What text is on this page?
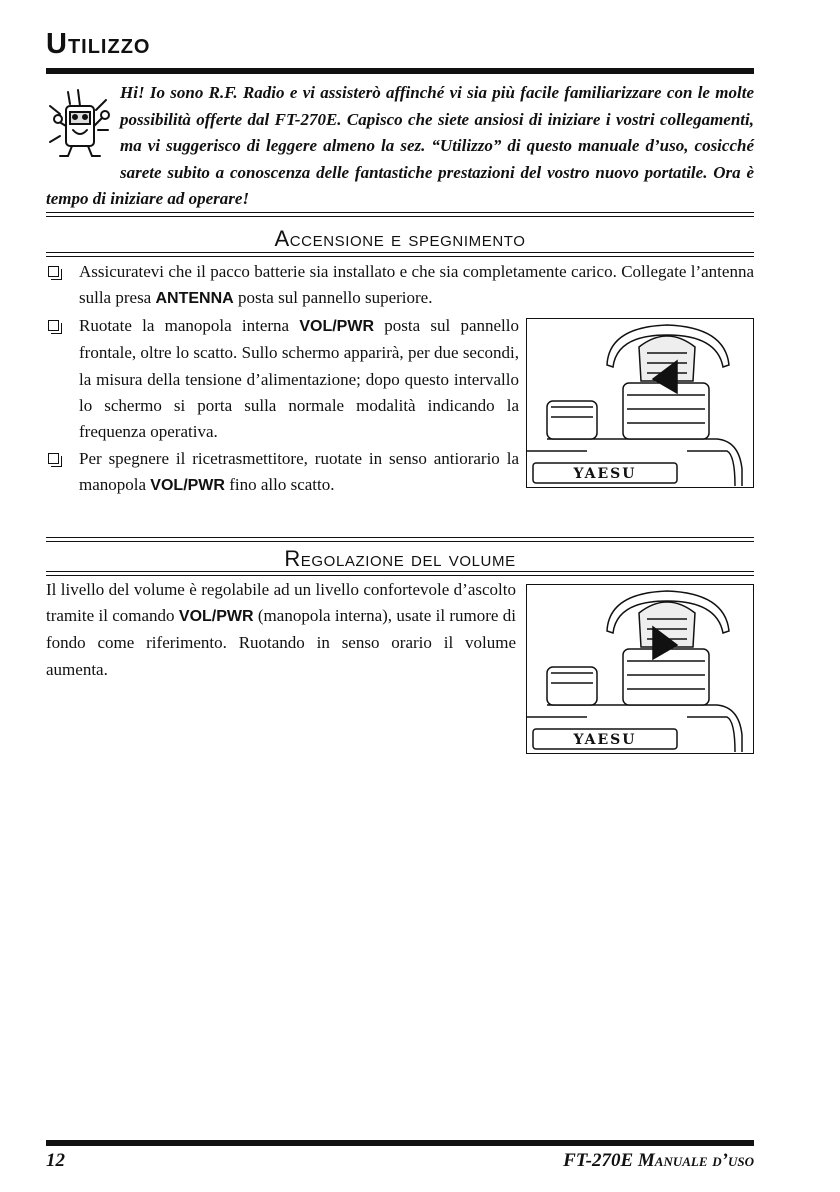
Utilizzo
Hi! Io sono R.F. Radio e vi assisterò affinché vi sia più facile familiarizzare con le molte possibilità offerte dal FT-270E. Capisco che siete ansiosi di iniziare i vostri collegamenti, ma vi suggerisco di leggere almeno la sez. “Utilizzo” di questo manuale d’uso, cosicché sarete subito a conoscenza delle fantastiche prestazioni del vostro nuovo portatile. Ora è tempo di iniziare ad operare!
Accensione e spegnimento
Assicuratevi che il pacco batterie sia installato e che sia completamente carico. Collegate l’antenna sulla presa ANTENNA posta sul pannello superiore.
Ruotate la manopola interna VOL/PWR posta sul pannello frontale, oltre lo scatto. Sullo schermo apparirà, per due secondi, la misura della tensione d’alimentazione; dopo questo intervallo lo schermo si porta sulla normale modalità indicando la frequenza operativa.
Per spegnere il ricetrasmettitore, ruotate in senso antiorario la manopola VOL/PWR fino allo scatto.
YAESU
Regolazione del volume
Il livello del volume è regolabile ad un livello confortevole d’ascolto tramite il comando VOL/PWR (manopola interna), usate il rumore di fondo come riferimento. Ruotando in senso orario il volume aumenta.
YAESU
12	FT-270E Manuale d’uso
